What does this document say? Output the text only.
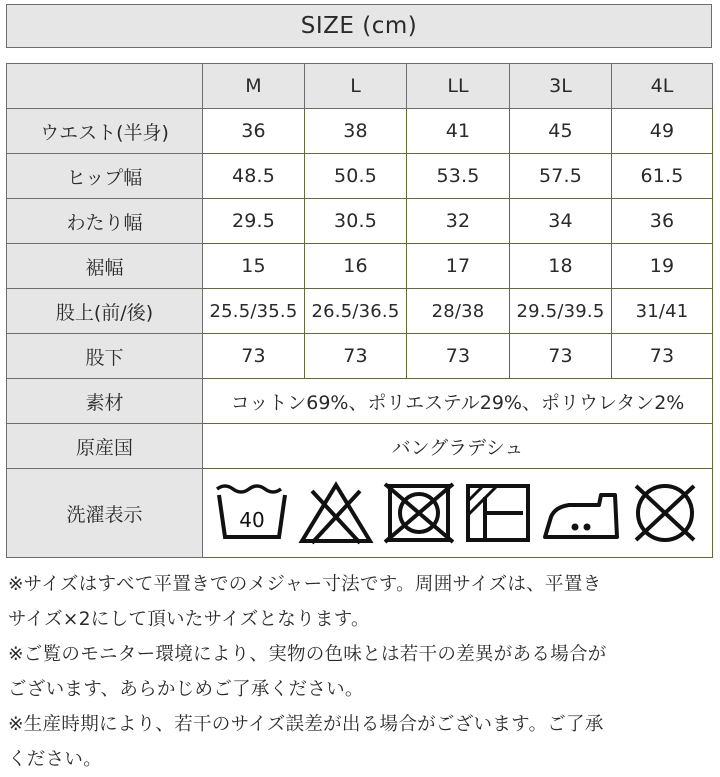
SIZE (cm)
	M	L	LL	3L	4L
ウエスト(半身)	36	38	41	45	49
ヒップ幅	48.5	50.5	53.5	57.5	61.5
わたり幅	29.5	30.5	32	34	36
裾幅	15	16	17	18	19
股上(前/後)	25.5/35.5	26.5/36.5	28/38	29.5/39.5	31/41
股下	73	73	73	73	73
素材	コットン69%、ポリエステル29%、ポリウレタン2%				
原産国	バングラデシュ				
洗濯表示	40				

※サイズはすべて平置きでのメジャー寸法です。周囲サイズは、平置き

サイズ×2にして頂いたサイズとなります。

※ご覧のモニター環境により、実物の色味とは若干の差異がある場合が

ございます、あらかじめご了承ください。

※生産時期により、若干のサイズ誤差が出る場合がございます。ご了承

ください。
